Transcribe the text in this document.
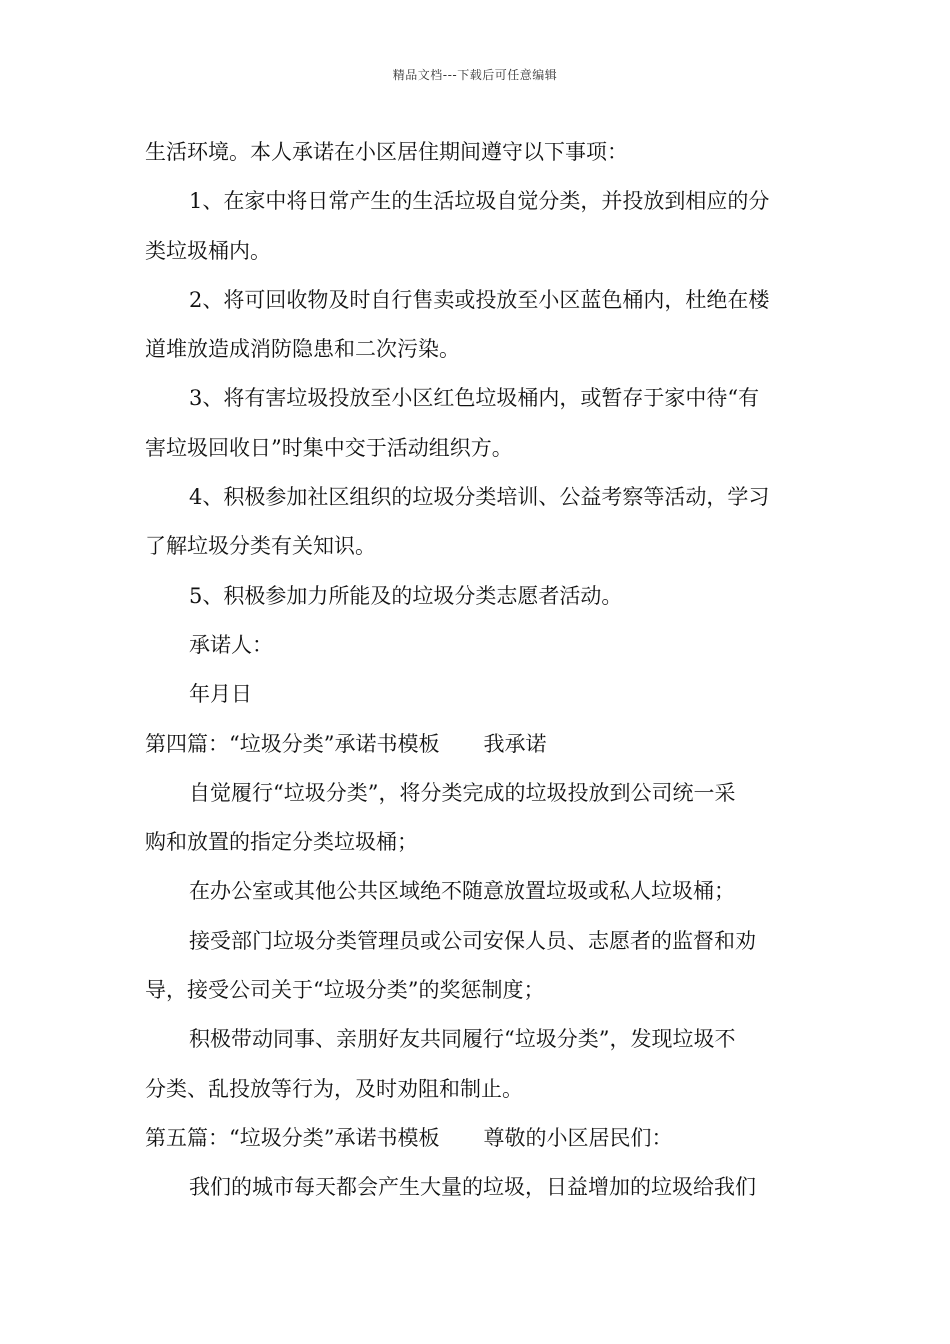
精品文档---下载后可任意编辑
生活环境。本人承诺在小区居住期间遵守以下事项：
1、在家中将日常产生的生活垃圾自觉分类，并投放到相应的分
类垃圾桶内。
2、将可回收物及时自行售卖或投放至小区蓝色桶内，杜绝在楼
道堆放造成消防隐患和二次污染。
3、将有害垃圾投放至小区红色垃圾桶内，或暂存于家中待“有
害垃圾回收日”时集中交于活动组织方。
4、积极参加社区组织的垃圾分类培训、公益考察等活动，学习
了解垃圾分类有关知识。
5、积极参加力所能及的垃圾分类志愿者活动。
承诺人：
年月日
第四篇：“垃圾分类”承诺书模板 我承诺
自觉履行“垃圾分类”，将分类完成的垃圾投放到公司统一采
购和放置的指定分类垃圾桶；
在办公室或其他公共区域绝不随意放置垃圾或私人垃圾桶；
接受部门垃圾分类管理员或公司安保人员、志愿者的监督和劝
导，接受公司关于“垃圾分类”的奖惩制度；
积极带动同事、亲朋好友共同履行“垃圾分类”，发现垃圾不
分类、乱投放等行为，及时劝阻和制止。
第五篇：“垃圾分类”承诺书模板 尊敬的小区居民们：
我们的城市每天都会产生大量的垃圾，日益增加的垃圾给我们
